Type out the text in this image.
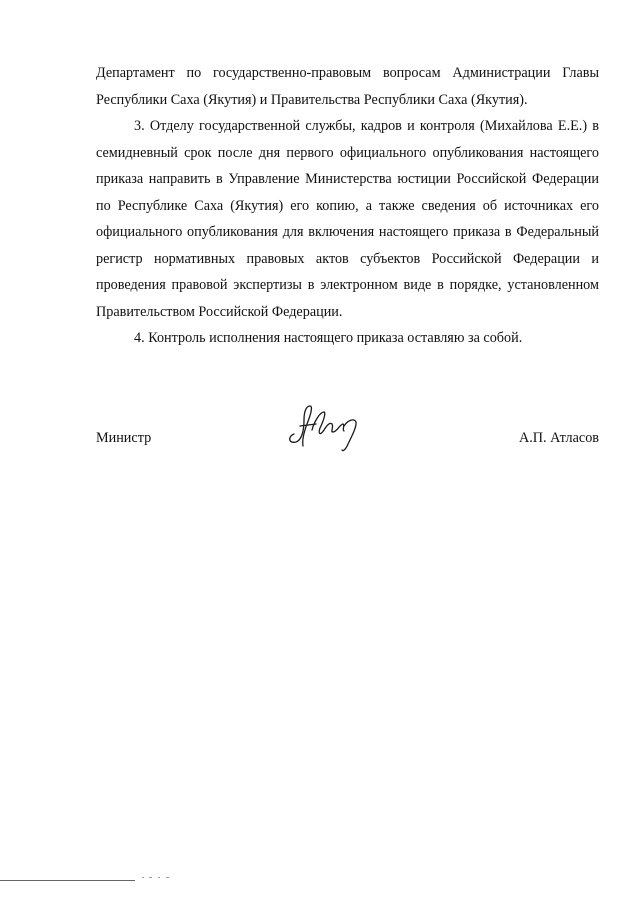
Департамент по государственно-правовым вопросам Администрации Главы Республики Саха (Якутия) и Правительства Республики Саха (Якутия).

3. Отделу государственной службы, кадров и контроля (Михайлова Е.Е.) в семидневный срок после дня первого официального опубликования настоящего приказа направить в Управление Министерства юстиции Российской Федерации по Республике Саха (Якутия) его копию, а также сведения об источниках его официального опубликования для включения настоящего приказа в Федеральный регистр нормативных правовых актов субъектов Российской Федерации и проведения правовой экспертизы в электронном виде в порядке, установленном Правительством Российской Федерации.

4. Контроль исполнения настоящего приказа оставляю за собой.

Министр	А.П. Атласов
